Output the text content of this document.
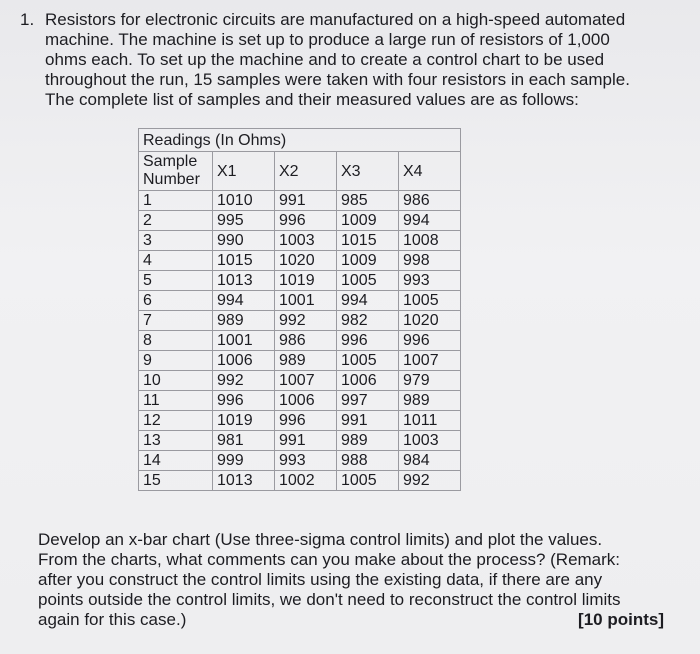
1. Resistors for electronic circuits are manufactured on a high-speed automated
machine. The machine is set up to produce a large run of resistors of 1,000
ohms each. To set up the machine and to create a control chart to be used
throughout the run, 15 samples were taken with four resistors in each sample.
The complete list of samples and their measured values are as follows:

Readings (In Ohms)				
Sample
Number	X1	X2	X3	X4
1	1010	991	985	986
2	995	996	1009	994
3	990	1003	1015	1008
4	1015	1020	1009	998
5	1013	1019	1005	993
6	994	1001	994	1005
7	989	992	982	1020
8	1001	986	996	996
9	1006	989	1005	1007
10	992	1007	1006	979
11	996	1006	997	989
12	1019	996	991	1011
13	981	991	989	1003
14	999	993	988	984
15	1013	1002	1005	992

Develop an x-bar chart (Use three-sigma control limits) and plot the values.
From the charts, what comments can you make about the process? (Remark:
after you construct the control limits using the existing data, if there are any
points outside the control limits, we don't need to reconstruct the control limits
again for this case.)	[10 points]
